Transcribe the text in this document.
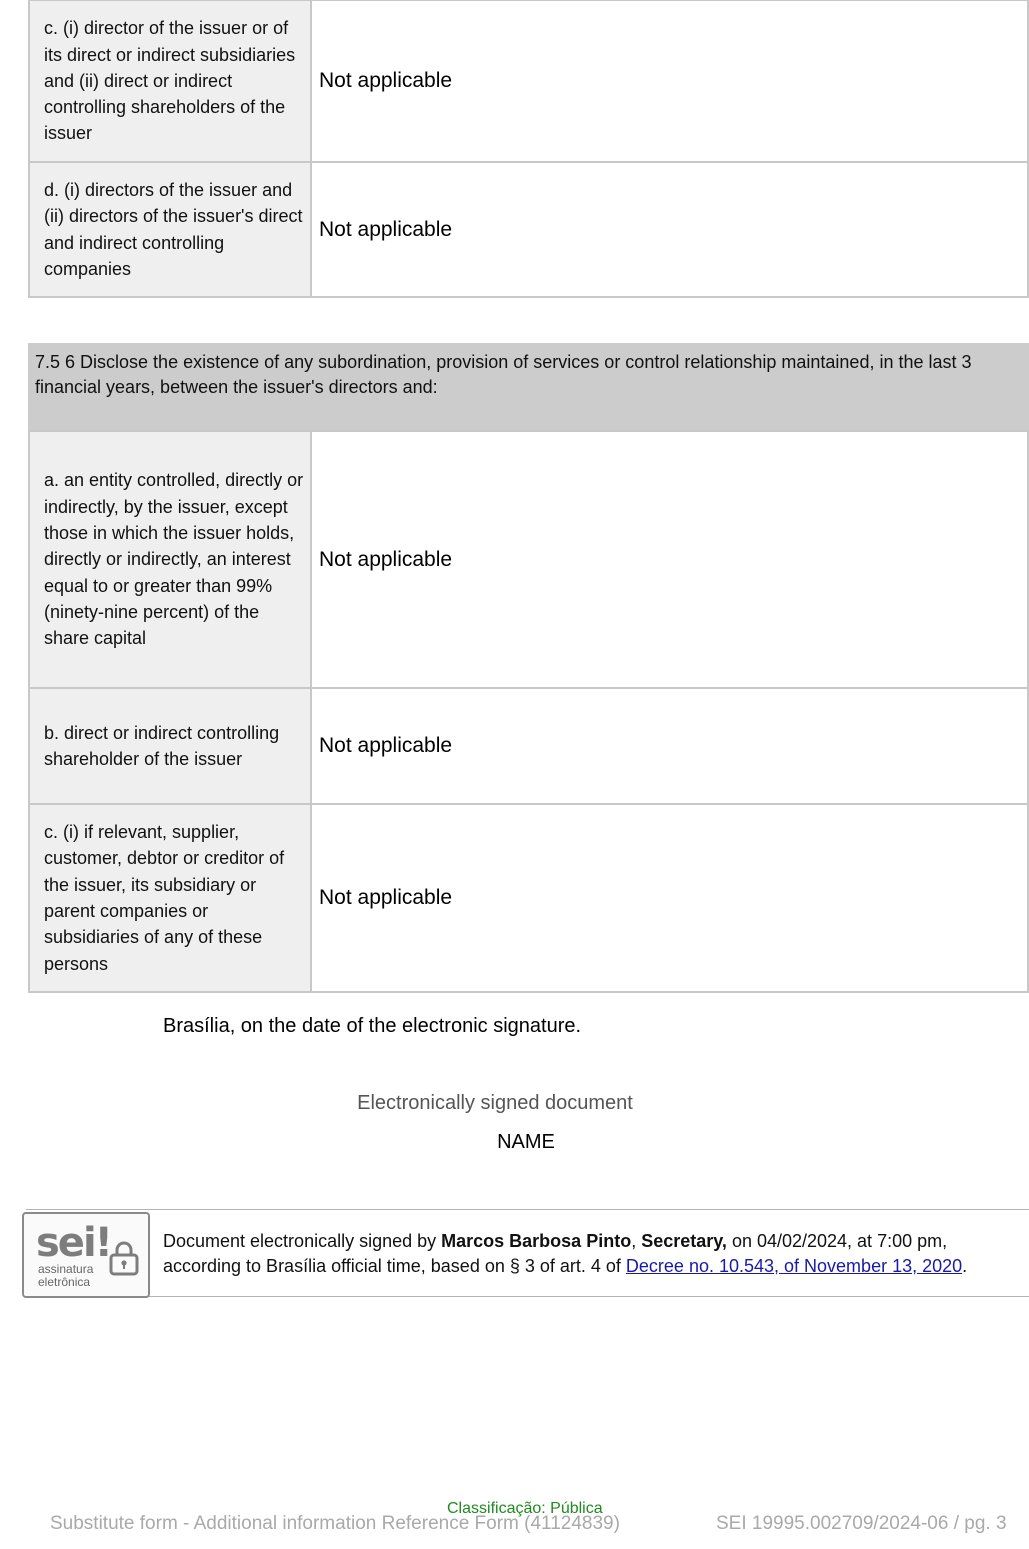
c. (i) director of the issuer or of its direct or indirect subsidiaries and (ii) direct or indirect controlling shareholders of the issuer	Not applicable
d. (i) directors of the issuer and (ii) directors of the issuer's direct and indirect controlling companies	Not applicable
7.5 6 Disclose the existence of any subordination, provision of services or control relationship maintained, in the last 3 financial years, between the issuer's directors and:
a. an entity controlled, directly or indirectly, by the issuer, except those in which the issuer holds, directly or indirectly, an interest equal to or greater than 99% (ninety-nine percent) of the share capital	Not applicable
b. direct or indirect controlling shareholder of the issuer	Not applicable
c. (i) if relevant, supplier, customer, debtor or creditor of the issuer, its subsidiary or parent companies or subsidiaries of any of these persons	Not applicable
Brasília, on the date of the electronic signature.
Electronically signed document
NAME
sei!
assinatura
eletrônica
Document electronically signed by Marcos Barbosa Pinto, Secretary, on 04/02/2024, at 7:00 pm, according to Brasília official time, based on § 3 of art. 4 of Decree no. 10.543, of November 13, 2020.
Classificação: Pública
Substitute form - Additional information Reference Form (41124839)	SEI 19995.002709/2024-06 / pg. 3
